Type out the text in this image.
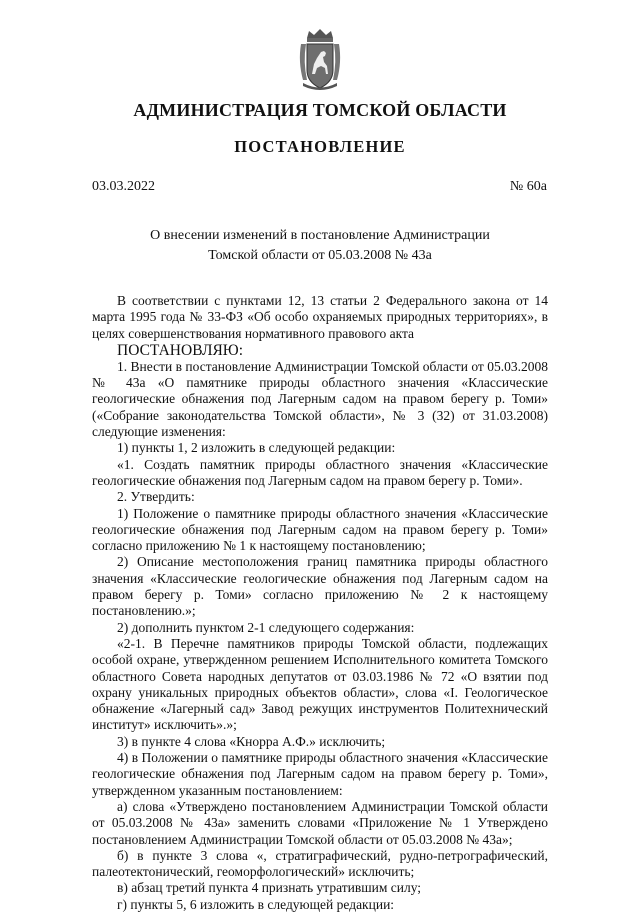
АДМИНИСТРАЦИЯ ТОМСКОЙ ОБЛАСТИ
ПОСТАНОВЛЕНИЕ
03.03.2022	№ 60а
О внесении изменений в постановление Администрации
Томской области от 05.03.2008 № 43а

В соответствии с пунктами 12, 13 статьи 2 Федерального закона от 14 марта 1995 года № 33-ФЗ «Об особо охраняемых природных территориях», в целях совершенствования нормативного правового акта

ПОСТАНОВЛЯЮ:

1. Внести в постановление Администрации Томской области от 05.03.2008 № 43а «О памятнике природы областного значения «Классические геологические обнажения под Лагерным садом на правом берегу р. Томи» («Собрание законодательства Томской области», № 3 (32) от 31.03.2008) следующие изменения:

1) пункты 1, 2 изложить в следующей редакции:

«1. Создать памятник природы областного значения «Классические геологические обнажения под Лагерным садом на правом берегу р. Томи».

2. Утвердить:

1) Положение о памятнике природы областного значения «Классические геологические обнажения под Лагерным садом на правом берегу р. Томи» согласно приложению № 1 к настоящему постановлению;

2) Описание местоположения границ памятника природы областного значения «Классические геологические обнажения под Лагерным садом на правом берегу р. Томи» согласно приложению № 2 к настоящему постановлению.»;

2) дополнить пунктом 2-1 следующего содержания:

«2-1. В Перечне памятников природы Томской области, подлежащих особой охране, утвержденном решением Исполнительного комитета Томского областного Совета народных депутатов от 03.03.1986 № 72 «О взятии под охрану уникальных природных объектов области», слова «I. Геологическое обнажение «Лагерный сад» Завод режущих инструментов Политехнический институт» исключить».»;

3) в пункте 4 слова «Кнорра А.Ф.» исключить;

4) в Положении о памятнике природы областного значения «Классические геологические обнажения под Лагерным садом на правом берегу р. Томи», утвержденном указанным постановлением:

а) слова «Утверждено постановлением Администрации Томской области от 05.03.2008 № 43а» заменить словами «Приложение № 1 Утверждено постановлением Администрации Томской области от 05.03.2008 № 43а»;

б) в пункте 3 слова «, стратиграфический, рудно-петрографический, палеотектонический, геоморфологический» исключить;

в) абзац третий пункта 4 признать утратившим силу;

г) пункты 5, 6 изложить в следующей редакции:
